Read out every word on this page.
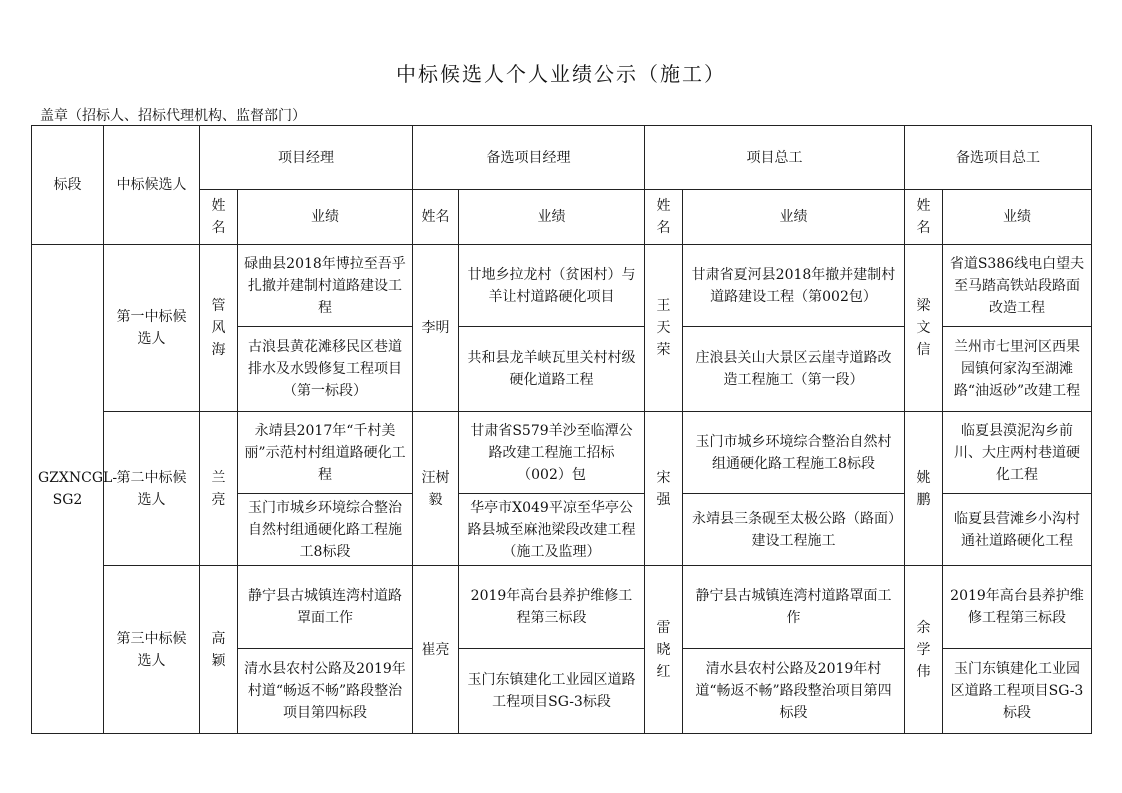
中标候选人个人业绩公示（施工）
盖章（招标人、招标代理机构、监督部门）
标段	中标候选人	项目经理		备选项目经理		项目总工		备选项目总工	
		姓名	业绩	姓名	业绩	姓名	业绩	姓名	业绩
GZXNCGL-SG2	第一中标候选人	管风海	碌曲县2018年博拉至吾乎扎撤并建制村道路建设工程	李明	廿地乡拉龙村（贫困村）与羊让村道路硬化项目	王天荣	甘肃省夏河县2018年撤并建制村道路建设工程（第002包）	梁文信	省道S386线电白望夫至马踏高铁站段路面改造工程
			古浪县黄花滩移民区巷道排水及水毁修复工程项目（第一标段）		共和县龙羊峡瓦里关村村级硬化道路工程		庄浪县关山大景区云崖寺道路改造工程施工（第一段）		兰州市七里河区西果园镇何家沟至湖滩路“油返砂”改建工程
	第二中标候选人	兰亮	永靖县2017年“千村美丽”示范村村组道路硬化工程	汪树毅	甘肃省S579羊沙至临潭公路改建工程施工招标（002）包	宋强	玉门市城乡环境综合整治自然村组通硬化路工程施工8标段	姚鹏	临夏县漠泥沟乡前川、大庄两村巷道硬化工程
			玉门市城乡环境综合整治自然村组通硬化路工程施工8标段		华亭市X049平凉至华亭公路县城至麻池梁段改建工程（施工及监理）		永靖县三条砚至太极公路（路面）建设工程施工		临夏县营滩乡小沟村通社道路硬化工程
	第三中标候选人	高颖	静宁县古城镇连湾村道路罩面工作	崔亮	2019年高台县养护维修工程第三标段	雷晓红	静宁县古城镇连湾村道路罩面工作	余学伟	2019年高台县养护维修工程第三标段
			清水县农村公路及2019年村道“畅返不畅”路段整治项目第四标段		玉门东镇建化工业园区道路工程项目SG-3标段		清水县农村公路及2019年村道“畅返不畅”路段整治项目第四标段		玉门东镇建化工业园区道路工程项目SG-3标段
